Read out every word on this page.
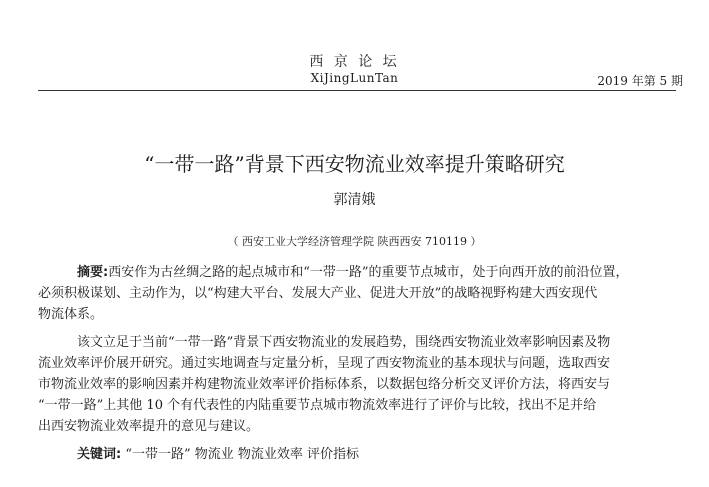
西 京 论 坛
XiJingLunTan	2019 年第 5 期
“一带一路”背景下西安物流业效率提升策略研究
郭清娥
（ 西安工业大学经济管理学院 陕西西安 710119 ）
摘要:西安作为古丝绸之路的起点城市和“一带一路”的重要节点城市，处于向西开放的前沿位置，
必须积极谋划、主动作为，以“构建大平台、发展大产业、促进大开放”的战略视野构建大西安现代
物流体系。
该文立足于当前“一带一路”背景下西安物流业的发展趋势，围绕西安物流业效率影响因素及物
流业效率评价展开研究。通过实地调查与定量分析，呈现了西安物流业的基本现状与问题，选取西安
市物流业效率的影响因素并构建物流业效率评价指标体系，以数据包络分析交叉评价方法，将西安与
“一带一路”上其他 10 个有代表性的内陆重要节点城市物流效率进行了评价与比较，找出不足并给
出西安物流业效率提升的意见与建议。
关键词: “一带一路” 物流业 物流业效率 评价指标
